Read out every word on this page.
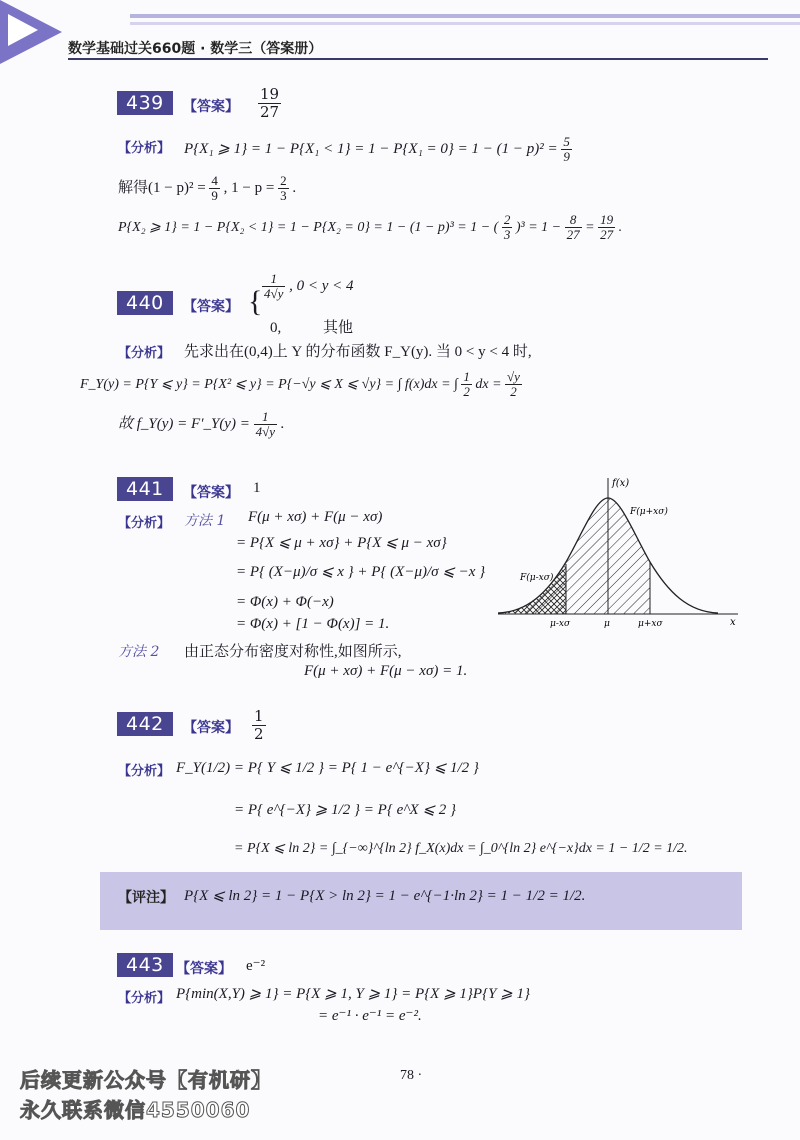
数学基础过关660题 · 数学三（答案册）
439	【答案】 $\frac{19}{27}$
【分析】 P{X₁ ⩾ $1\} = 1 - P\{X_1 < 1\} = 1 - P\{X_1 = 0\} = 1 - (1 - p)^2 = \frac{5}{9}$
解得$(1 - p)^2 = \frac{4}{9}$ , $1 - p = \frac{2}{3}$ .
P{X₂ ⩾ 1} = 1 − P{X₂ < 1} = 1 − P{X₂ = 0} = 1 − (1 − p)³ = 1 − ( $\frac{2}{3} )^3 = 1 - \frac{8}{27} = \frac{19}{27}$ .
440	【答案】 { $\frac{1}{4√y}$ , 0 < y < 4
0,	其他
【分析】 先求出在(0,4)上 Y 的分布函数 F_Y(y). 当 0 < y < 4 时,
F_Y(y) = P{Y ⩽ y} = P{X² ⩽ y} = P{−√y ⩽ X ⩽ √y} = ∫ f(x)dx = ∫ $\frac{1}{2}$ dx = $\frac{√y}{2}$
故 f_Y(y) = F′_Y(y) = $\frac{1}{4√y}$ .
441	【答案】 1
【分析】 方法 1 F(μ + xσ) + F(μ − xσ)
= P{X ⩽ μ + xσ} + P{X ⩽ μ − xσ}
= P{ (X−μ)/σ ⩽ x } + P{ (X−μ)/σ ⩽ −x }
= Φ(x) + Φ(−x)
= Φ(x) + [1 − Φ(x)] = 1.
方法 2 由正态分布密度对称性,如图所示,
F(μ + xσ) + F(μ − xσ) = 1.
f(x)
x
F(μ+xσ)
F(μ-xσ)
μ-xσ	μ	μ+xσ
442	【答案】 $\frac{1}{2}$
【分析】 F_Y(1/2) = P{ Y ⩽ 1/2 } = P{ 1 − e^{−X} ⩽ 1/2 }
= P{ e^{−X} ⩾ 1/2 } = P{ e^X ⩽ 2 }
= P{X ⩽ ln 2} = ∫_{−∞}^{ln 2} f_X(x)dx = ∫_0^{ln 2} e^{−x}dx = 1 − 1/2 = 1/2.
【评注】 P{X ⩽ ln 2} = 1 − P{X > ln 2} = 1 − e^{−1·ln 2} = 1 − 1/2 = 1/2.
443 【答案】 e⁻²
【分析】 P{min(X,Y) ⩾ 1} = P{X ⩾ 1, Y ⩾ 1} = P{X ⩾ 1}P{Y ⩾ 1}
= e⁻¹ · e⁻¹ = e⁻².
78 ·
后续更新公众号【有机研】
永久联系微信4550060
